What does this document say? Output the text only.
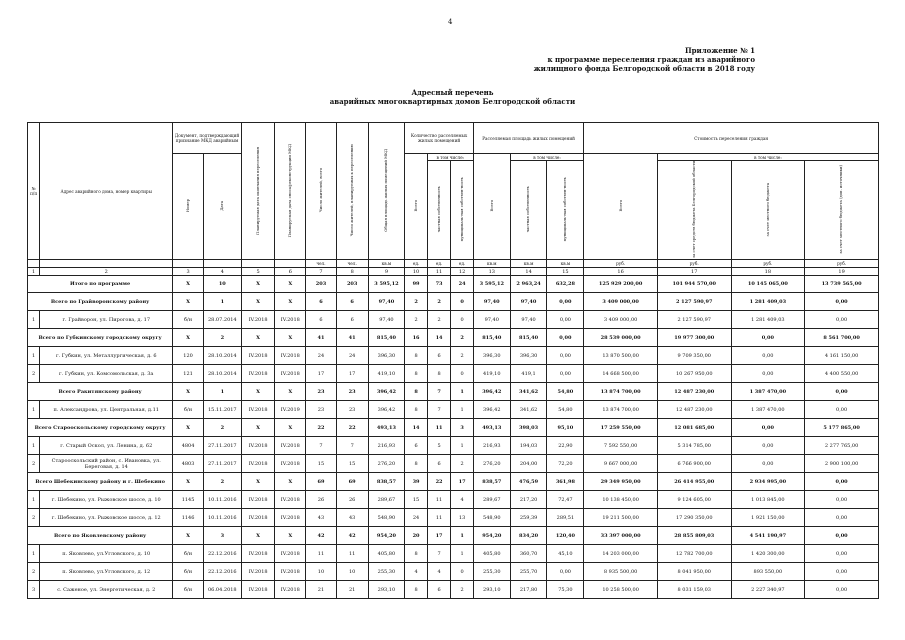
4
Приложение № 1
к программе переселения граждан из аварийного
жилищного фонда Белгородской области в 2018 году
Адресный перечень
аварийных многоквартирных домов Белгородской области
№ п/п	Адрес аварийного дома, номер квартиры	Документ, подтверждающий признание МКД аварийным		Планируемая дата окончания переселения	Планируемая дата сноса/реконструкции МКД	Число жителей, всего	Число жителей, планируемых к переселению	Общая площадь жилых помещений МКД	Количество расселяемых жилых помещений			Расселяемая площадь жилых помещений			Стоимость переселения граждан			
		Номер	Дата						Всего	в том числе:		Всего	в том числе:		Всего	в том числе:		
										частная собственность	муниципаль-ная собствен-ность		частная собственность	муниципаль-ная собствен-ность		за счет средств бюджета Белгородской области	за счет местного бюджета	за счет местного бюджета (доп. источники)
						чел.	чел.	кв.м	ед.	ед.	ед.	кв.м	кв.м	кв.м	руб.	руб.	руб.	руб.
1	2	3	4	5	6	7	8	9	10	11	12	13	14	15	16	17	18	19
Итого по программе		X	10	X	X	203	203	3 595,12	99	73	24	3 595,12	2 963,24	632,28	125 929 200,00	101 944 570,00	10 145 065,00	13 739 565,00
Всего по Грайворонскому району		X	1	X	X	6	6	97,40	2	2	0	97,40	97,40	0,00	3 409 000,00	2 127 590,97	1 281 409,03	0,00
1	г. Грайворон, ул. Пирогова, д. 17	б/н	28.07.2014	IV.2018	IV.2018	6	6	97,40	2	2	0	97,40	97,40	0,00	3 409 000,00	2 127 590,97	1 281 409,03	0,00
Всего по Губкинскому городскому округу		X	2	X	X	41	41	815,40	16	14	2	815,40	815,40	0,00	28 539 000,00	19 977 300,00	0,00	8 561 700,00
1	г. Губкин, ул. Металлургическая, д. 6	120	28.10.2014	IV.2018	IV.2018	24	24	396,30	8	6	2	396,30	396,30	0,00	13 870 500,00	9 709 350,00	0,00	4 161 150,00
2	г. Губкин, ул. Комсомольская, д. 3а	121	28.10.2014	IV.2018	IV.2018	17	17	419,10	8	8	0	419,10	419,1	0,00	14 668 500,00	10 267 950,00	0,00	4 400 550,00
Всего Ракитянскому району		X	1	X	X	23	23	396,42	8	7	1	396,42	341,62	54,80	13 874 700,00	12 487 230,00	1 387 470,00	0,00
1	п. Александрова, ул. Центральная, д.11	б/н	15.11.2017	IV.2018	IV.2019	23	23	396,42	8	7	1	396,42	341,62	54,80	13 874 700,00	12 487 230,00	1 387 470,00	0,00
Всего Старооскольскому городскому округу		X	2	X	X	22	22	493,13	14	11	3	493,13	398,03	95,10	17 259 550,00	12 081 685,00	0,00	5 177 865,00
1	г. Старый Оскол, ул. Ленина, д. 62	4804	27.11.2017	IV.2018	IV.2018	7	7	216,93	6	5	1	216,93	194,03	22,90	7 592 550,00	5 314 785,00	0,00	2 277 765,00
2	Старооскольский район, с. Ивановка, ул. Береговая, д. 14	4803	27.11.2017	IV.2018	IV.2018	15	15	276,20	8	6	2	276,20	204,00	72,20	9 667 000,00	6 766 900,00	0,00	2 900 100,00
Всего Шебекинскому району и г. Шебекино		X	2	X	X	69	69	838,57	39	22	17	838,57	476,59	361,98	29 349 950,00	26 414 955,00	2 934 995,00	0,00
1	г. Шебекино, ул. Рыжовское шоссе, д. 10	1145	10.11.2016	IV.2018	IV.2018	26	26	289,67	15	11	4	289,67	217,20	72,47	10 138 450,00	9 124 605,00	1 013 845,00	0,00
2	г. Шебекино, ул. Рыжовское шоссе, д. 12	1146	10.11.2016	IV.2018	IV.2018	43	43	548,90	24	11	13	548,90	259,39	289,51	19 211 500,00	17 290 350,00	1 921 150,00	0,00
Всего по Яковлевскому району		X	3	X	X	42	42	954,20	20	17	1	954,20	834,20	120,40	33 397 000,00	28 855 809,03	4 541 190,97	0,00
1	п. Яковлево, ул.Угловского, д. 10	б/н	22.12.2016	IV.2018	IV.2018	11	11	405,80	8	7	1	405,80	360,70	45,10	14 203 000,00	12 782 700,00	1 420 300,00	0,00
2	п. Яковлево, ул.Угловского, д. 12	б/н	22.12.2016	IV.2018	IV.2018	10	10	255,30	4	4	0	255,30	255,70	0,00	8 935 500,00	8 041 950,00	893 550,00	0,00
3	с. Саженое, ул. Энергетическая, д. 2	б/н	06.04.2018	IV.2018	IV.2018	21	21	293,10	8	6	2	293,10	217,80	75,30	10 258 500,00	8 031 159,03	2 227 340,97	0,00
